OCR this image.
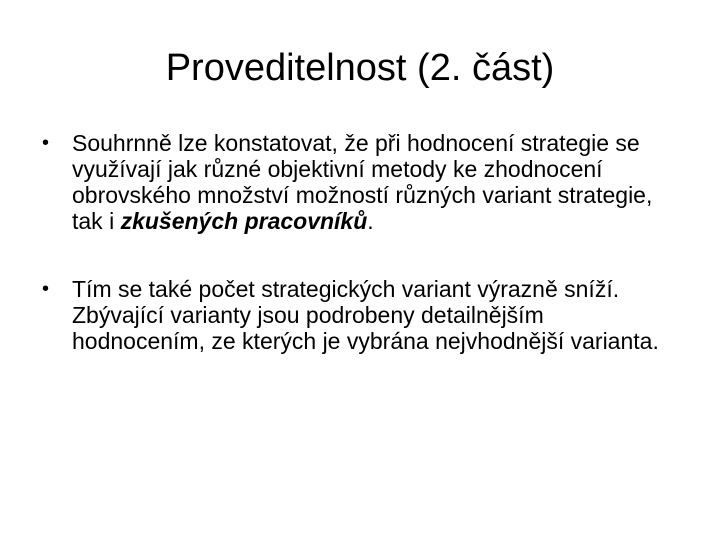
Proveditelnost (2. část)
• Souhrnně lze konstatovat, že při hodnocení strategie se využívají jak různé objektivní metody ke zhodnocení obrovského množství možností různých variant strategie, tak i zkušených pracovníků.
• Tím se také počet strategických variant výrazně sníží. Zbývající varianty jsou podrobeny detailnějším hodnocením, ze kterých je vybrána nejvhodnější varianta.
